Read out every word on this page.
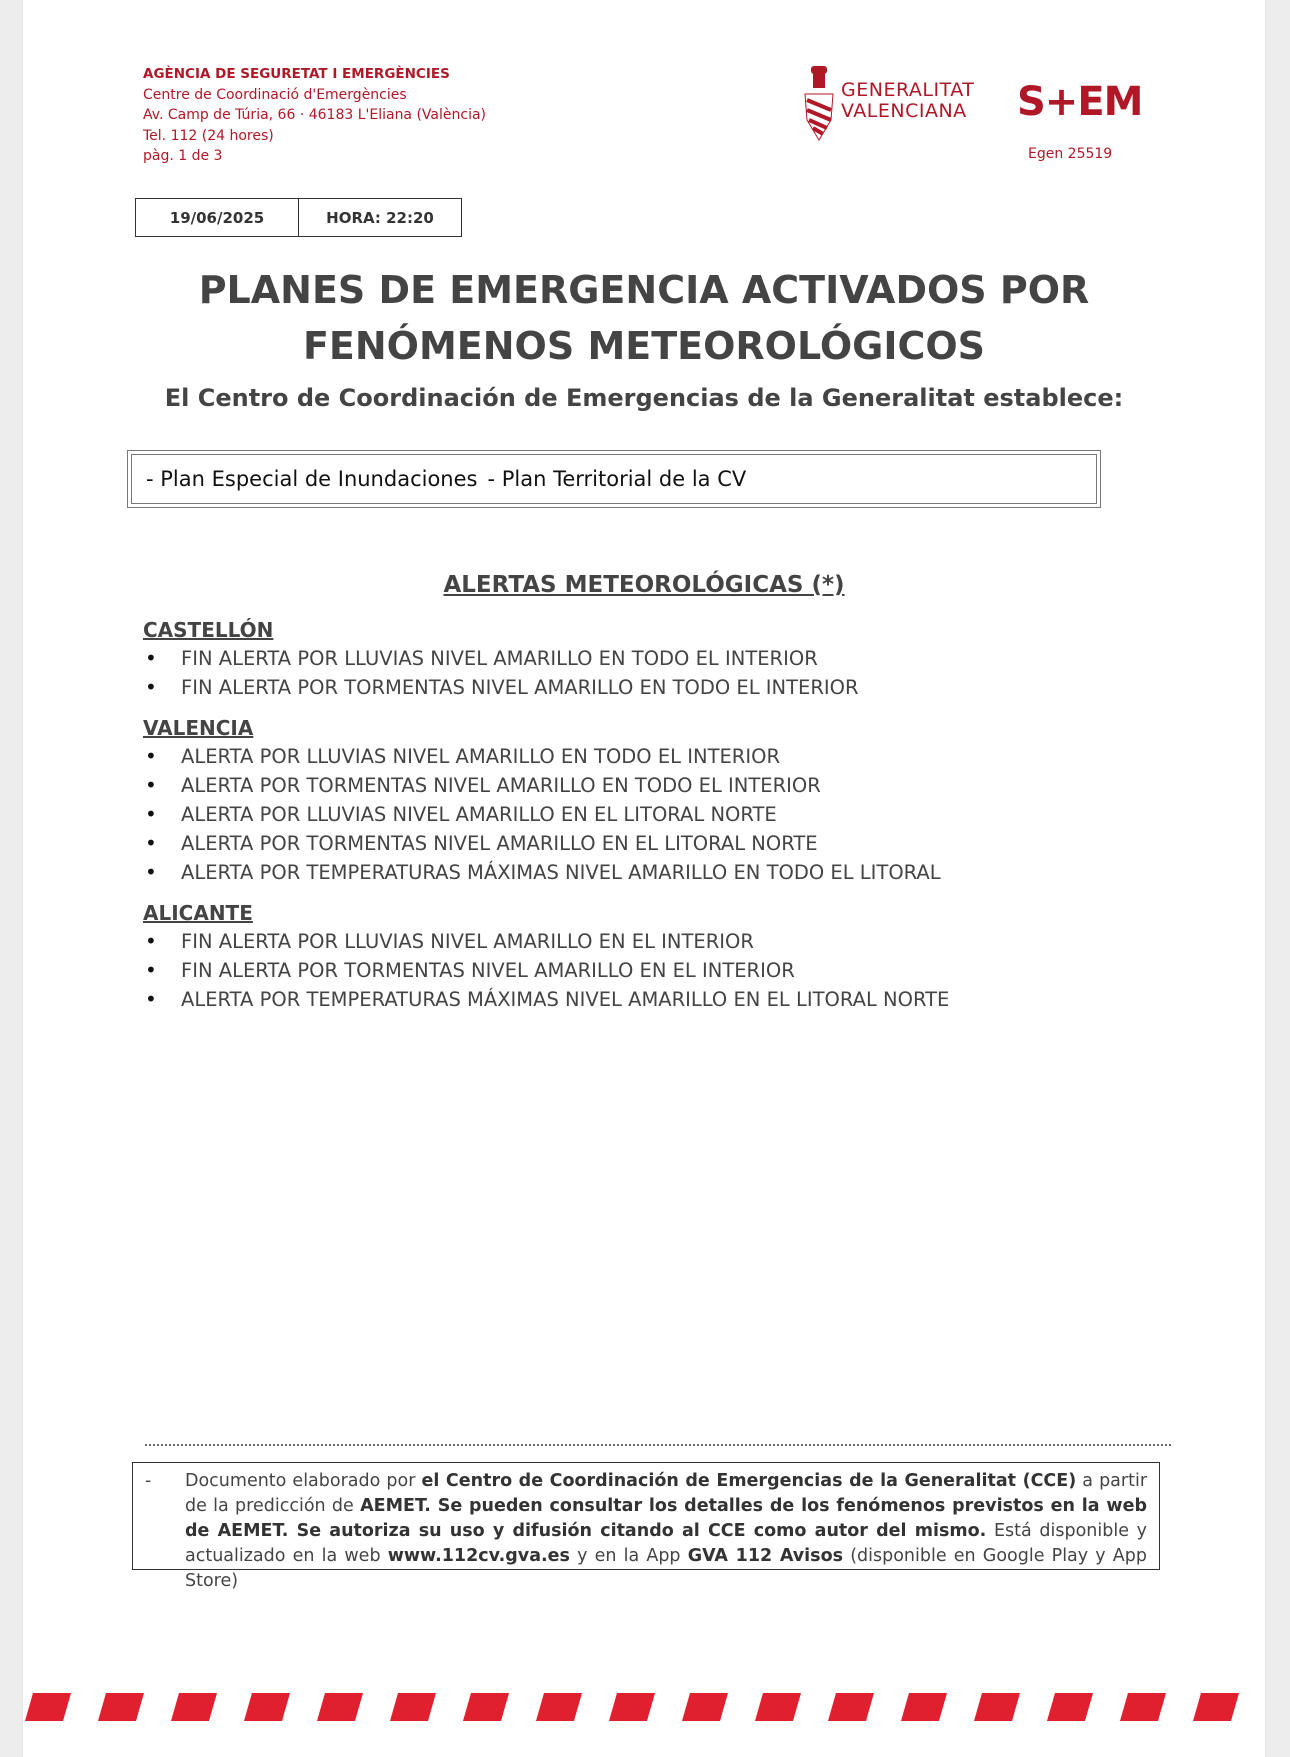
AGÈNCIA DE SEGURETAT I EMERGÈNCIES
Centre de Coordinació d'Emergències
Av. Camp de Túria, 66 · 46183 L'Eliana (València)
Tel. 112 (24 hores)
pàg. 1 de 3
GENERALITAT
VALENCIANA S+EM
Egen 25519
19/06/2025	HORA: 22:20
PLANES DE EMERGENCIA ACTIVADOS POR
FENÓMENOS METEOROLÓGICOS
El Centro de Coordinación de Emergencias de la Generalitat establece:
- Plan Especial de Inundaciones - Plan Territorial de la CV
ALERTAS METEOROLÓGICAS (*)
CASTELLÓN
• FIN ALERTA POR LLUVIAS NIVEL AMARILLO EN TODO EL INTERIOR
• FIN ALERTA POR TORMENTAS NIVEL AMARILLO EN TODO EL INTERIOR
VALENCIA
• ALERTA POR LLUVIAS NIVEL AMARILLO EN TODO EL INTERIOR
• ALERTA POR TORMENTAS NIVEL AMARILLO EN TODO EL INTERIOR
• ALERTA POR LLUVIAS NIVEL AMARILLO EN EL LITORAL NORTE
• ALERTA POR TORMENTAS NIVEL AMARILLO EN EL LITORAL NORTE
• ALERTA POR TEMPERATURAS MÁXIMAS NIVEL AMARILLO EN TODO EL LITORAL
ALICANTE
• FIN ALERTA POR LLUVIAS NIVEL AMARILLO EN EL INTERIOR
• FIN ALERTA POR TORMENTAS NIVEL AMARILLO EN EL INTERIOR
• ALERTA POR TEMPERATURAS MÁXIMAS NIVEL AMARILLO EN EL LITORAL NORTE
- Documento elaborado por el Centro de Coordinación de Emergencias de la Generalitat (CCE) a partir de la predicción de AEMET. Se pueden consultar los detalles de los fenómenos previstos en la web de AEMET. Se autoriza su uso y difusión citando al CCE como autor del mismo. Está disponible y actualizado en la web www.112cv.gva.es y en la App GVA 112 Avisos (disponible en Google Play y App Store)
